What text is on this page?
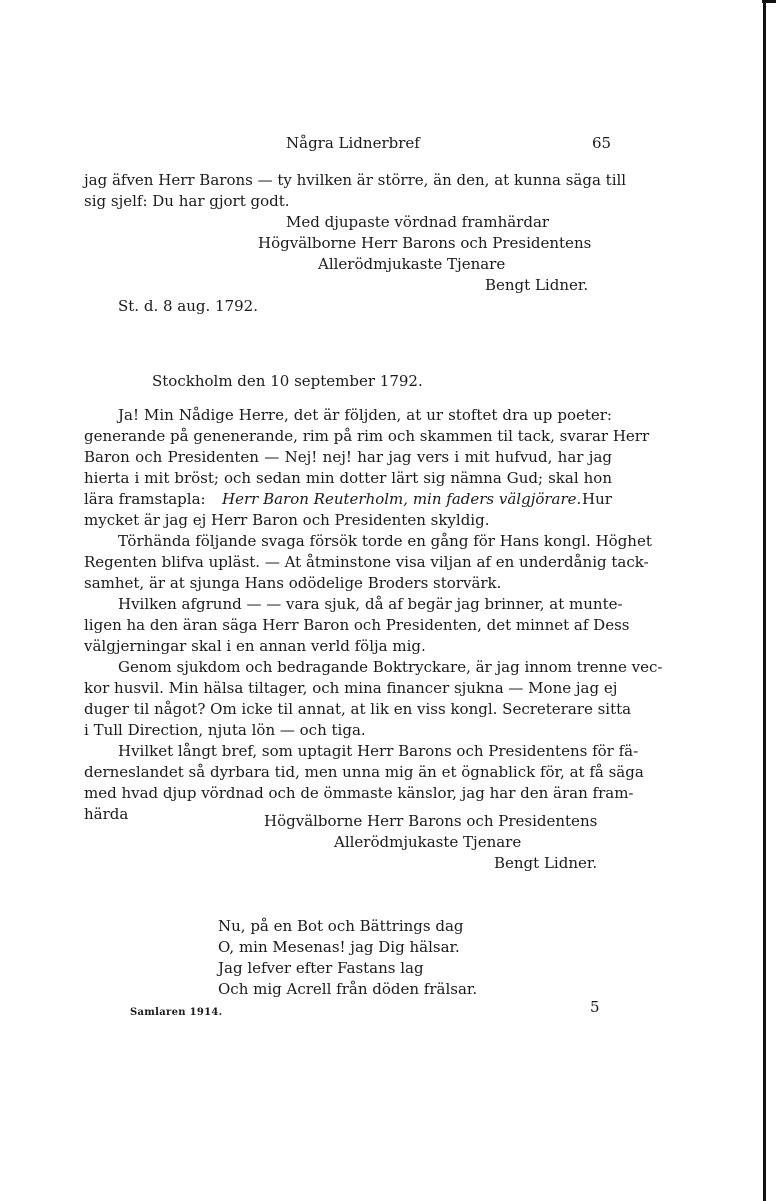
Några Lidnerbref	65
jag äfven Herr Barons — ty hvilken är större, än den, at kunna säga till
sig sjelf: Du har gjort godt.
Med djupaste vördnad framhärdar
Högvälborne Herr Barons och Presidentens
Allerödmjukaste Tjenare
Bengt Lidner.
St. d. 8 aug. 1792.
Stockholm den 10 september 1792.
Ja! Min Nådige Herre, det är följden, at ur stoftet dra up poeter:
generande på genenerande, rim på rim och skammen til tack, svarar Herr
Baron och Presidenten — Nej! nej! har jag vers i mit hufvud, har jag
hierta i mit bröst; och sedan min dotter lärt sig nämna Gud; skal hon
lära framstapla: Herr Baron Reuterholm, min faders välgjörare. Hur
mycket är jag ej Herr Baron och Presidenten skyldig.
Törhända följande svaga försök torde en gång för Hans kongl. Höghet
Regenten blifva upläst. — At åtminstone visa viljan af en underdånig tack-
samhet, är at sjunga Hans odödelige Broders storvärk.
Hvilken afgrund — — vara sjuk, då af begär jag brinner, at munte-
ligen ha den äran säga Herr Baron och Presidenten, det minnet af Dess
välgjerningar skal i en annan verld följa mig.
Genom sjukdom och bedragande Boktryckare, är jag innom trenne vec-
kor husvil. Min hälsa tiltager, och mina financer sjukna — Mone jag ej
duger til något? Om icke til annat, at lik en viss kongl. Secreterare sitta
i Tull Direction, njuta lön — och tiga.
Hvilket långt bref, som uptagit Herr Barons och Presidentens för fä-
derneslandet så dyrbara tid, men unna mig än et ögnablick för, at få säga
med hvad djup vördnad och de ömmaste känslor, jag har den äran fram-
härda	Högvälborne Herr Barons och Presidentens
Allerödmjukaste Tjenare
Bengt Lidner.
Nu, på en Bot och Bättrings dag
O, min Mesenas! jag Dig hälsar.
Jag lefver efter Fastans lag
Och mig Acrell från döden frälsar.
Samlaren 1914.	5
